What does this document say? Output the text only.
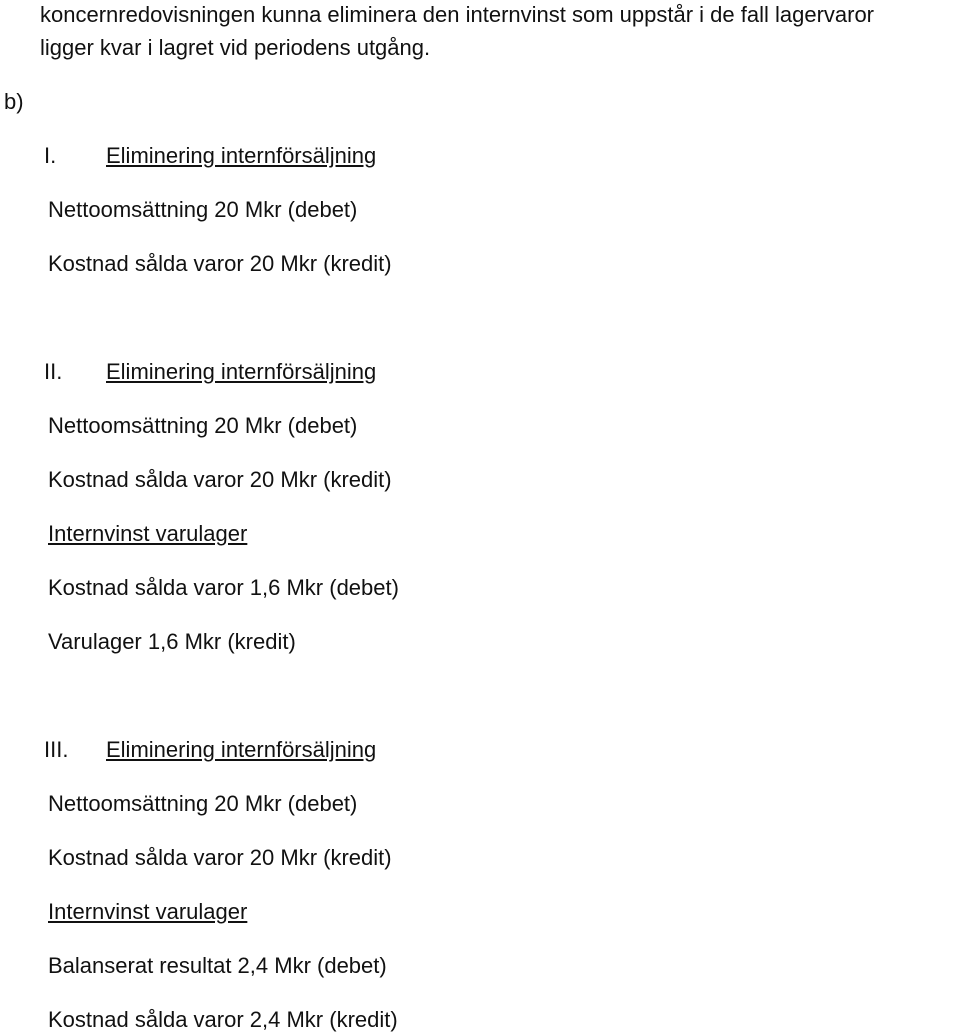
koncernredovisningen kunna eliminera den internvinst som uppstår i de fall lagervaror
ligger kvar i lagret vid periodens utgång.
b)
I. Eliminering internförsäljning
Nettoomsättning 20 Mkr (debet)
Kostnad sålda varor 20 Mkr (kredit)
II. Eliminering internförsäljning
Nettoomsättning 20 Mkr (debet)
Kostnad sålda varor 20 Mkr (kredit)
Internvinst varulager
Kostnad sålda varor 1,6 Mkr (debet)
Varulager 1,6 Mkr (kredit)
III. Eliminering internförsäljning
Nettoomsättning 20 Mkr (debet)
Kostnad sålda varor 20 Mkr (kredit)
Internvinst varulager
Balanserat resultat 2,4 Mkr (debet)
Kostnad sålda varor 2,4 Mkr (kredit)
